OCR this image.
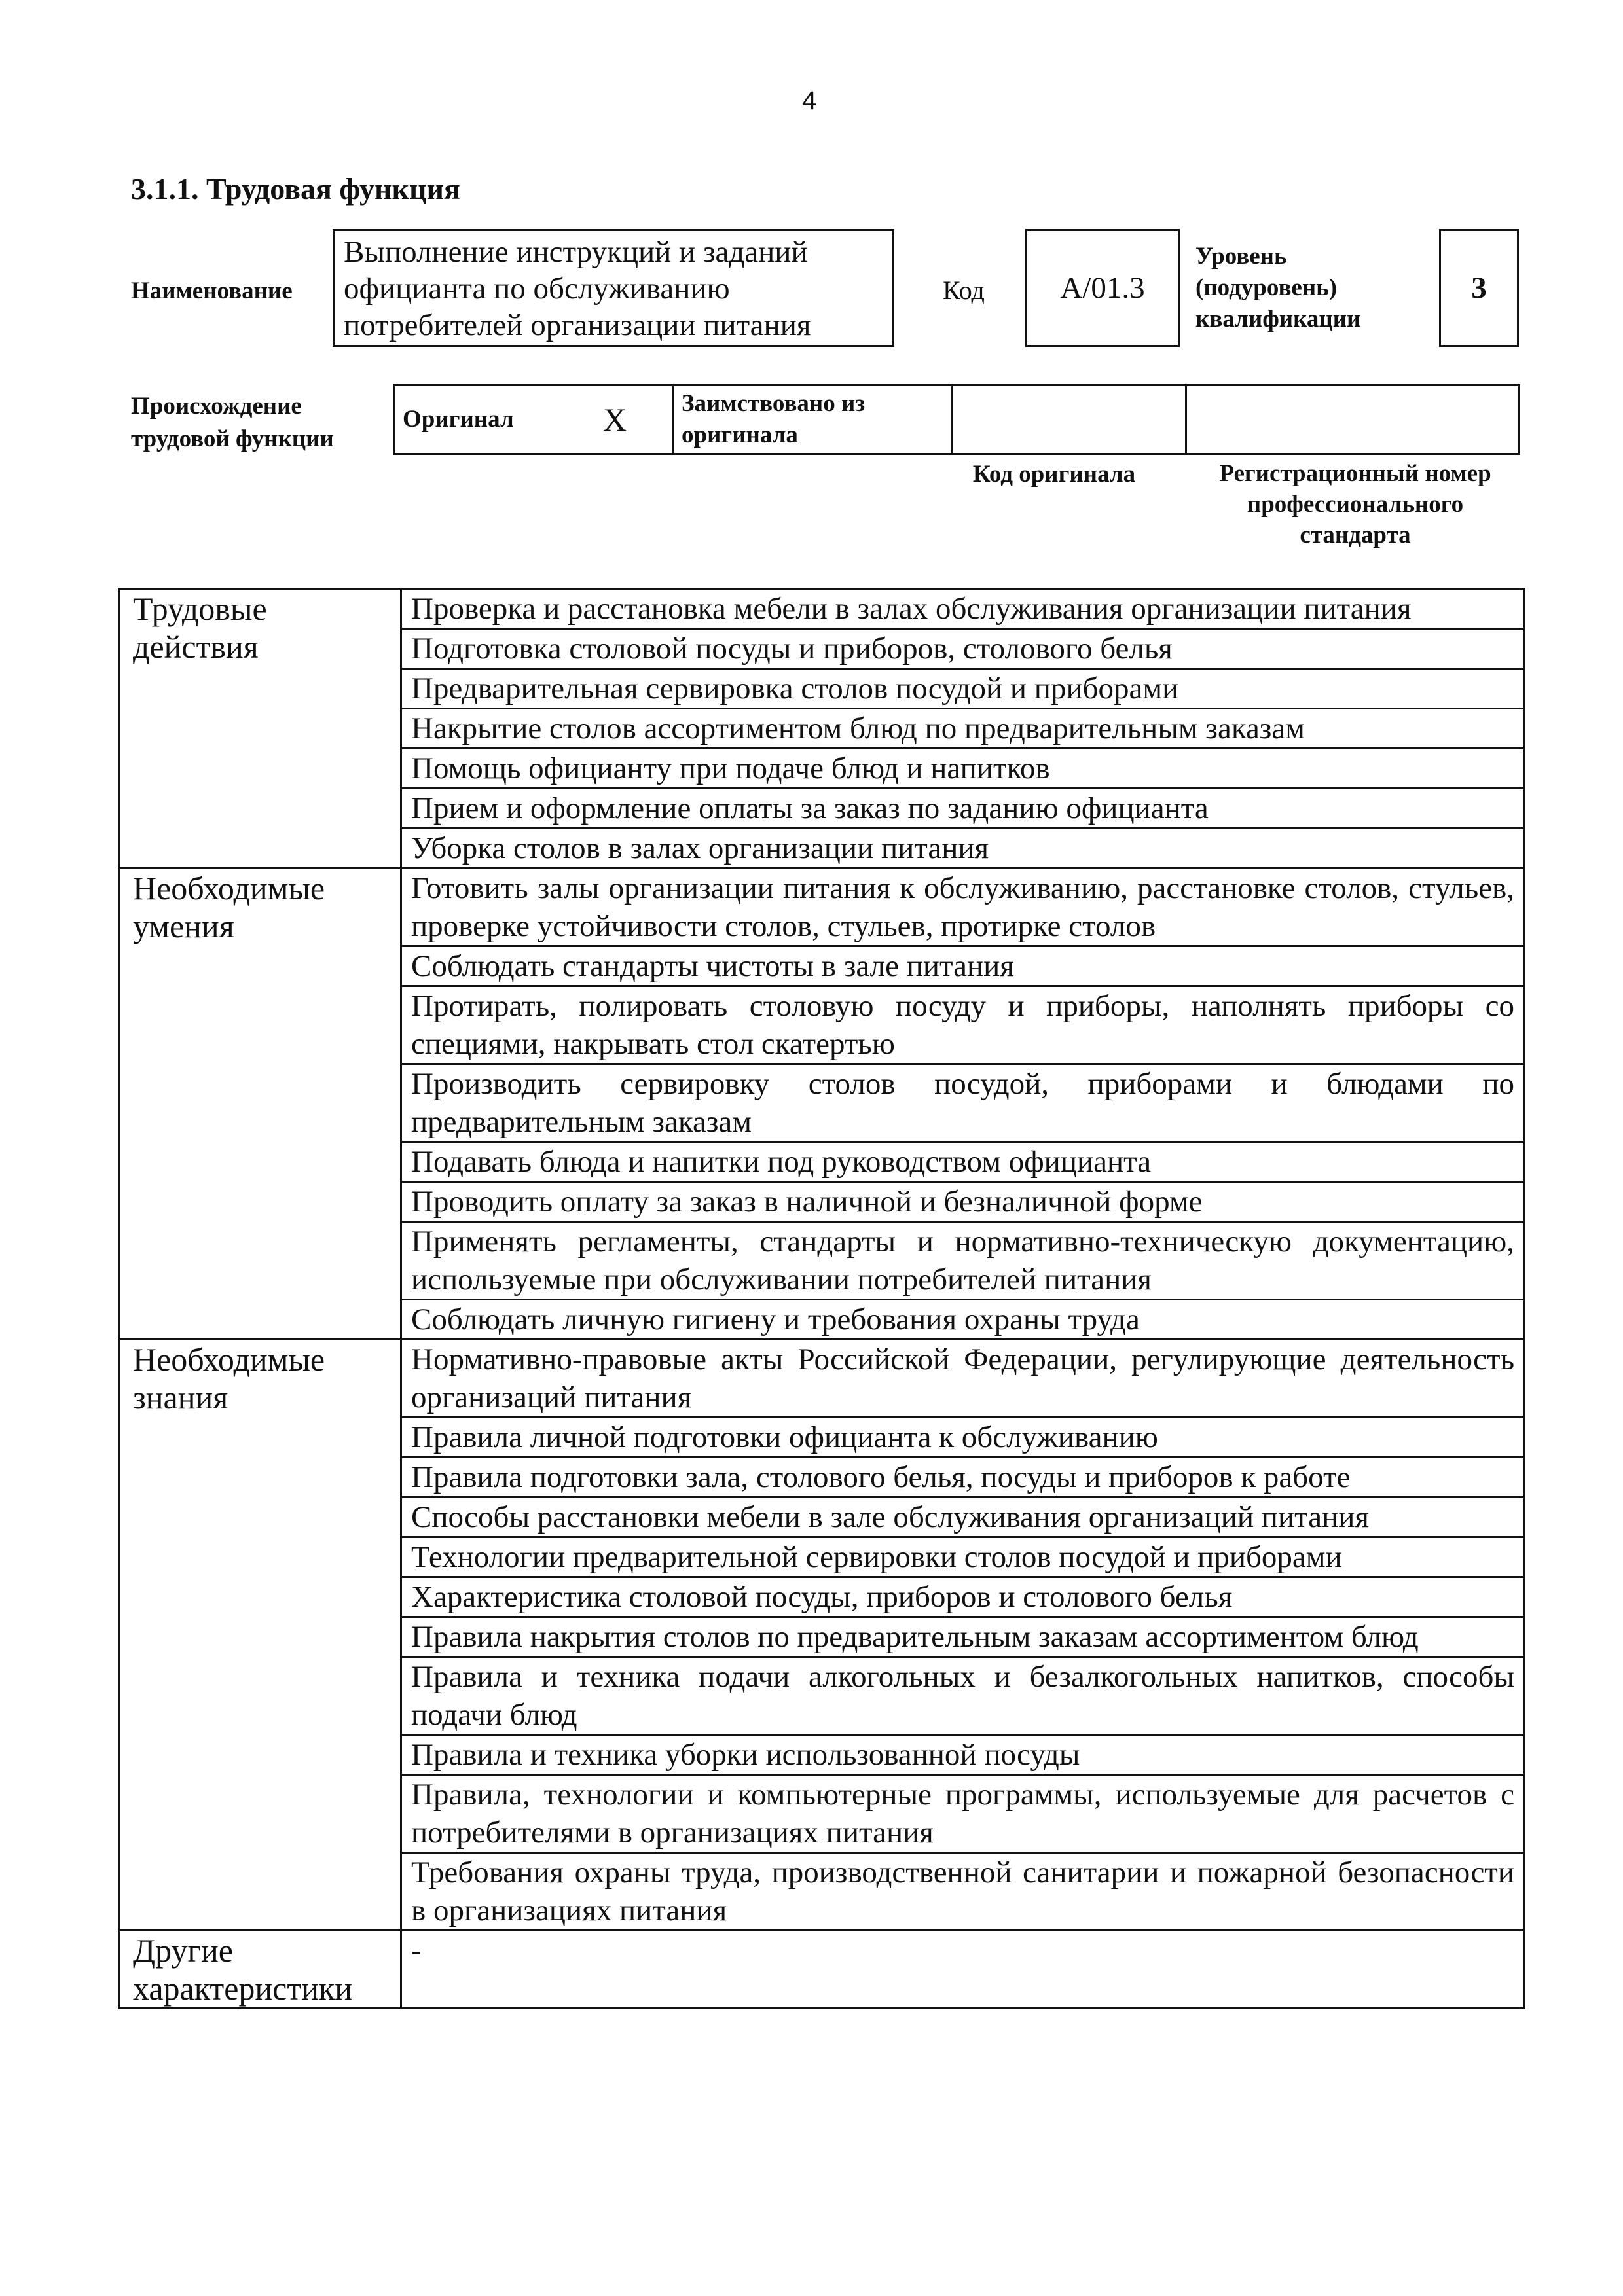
4
3.1.1. Трудовая функция
Наименование
Выполнение инструкций и заданий официанта по обслуживанию потребителей организации питания
Код	A/01.3
Уровень (подуровень) квалификации
3
Происхождение трудовой функции
Оригинал	X	Заимствовано из оригинала		
Код оригинала	Регистрационный номер профессионального стандарта
Трудовые действия	Проверка и расстановка мебели в залах обслуживания организации питания
	Подготовка столовой посуды и приборов, столового белья
	Предварительная сервировка столов посудой и приборами
	Накрытие столов ассортиментом блюд по предварительным заказам
	Помощь официанту при подаче блюд и напитков
	Прием и оформление оплаты за заказ по заданию официанта
	Уборка столов в залах организации питания
Необходимые умения	Готовить залы организации питания к обслуживанию, расстановке столов, стульев, проверке устойчивости столов, стульев, протирке столов
	Соблюдать стандарты чистоты в зале питания
	Протирать, полировать столовую посуду и приборы, наполнять приборы со специями, накрывать стол скатертью
	Производить сервировку столов посудой, приборами и блюдами по предварительным заказам
	Подавать блюда и напитки под руководством официанта
	Проводить оплату за заказ в наличной и безналичной форме
	Применять регламенты, стандарты и нормативно-техническую документацию, используемые при обслуживании потребителей питания
	Соблюдать личную гигиену и требования охраны труда
Необходимые знания	Нормативно-правовые акты Российской Федерации, регулирующие деятельность организаций питания
	Правила личной подготовки официанта к обслуживанию
	Правила подготовки зала, столового белья, посуды и приборов к работе
	Способы расстановки мебели в зале обслуживания организаций питания
	Технологии предварительной сервировки столов посудой и приборами
	Характеристика столовой посуды, приборов и столового белья
	Правила накрытия столов по предварительным заказам ассортиментом блюд
	Правила и техника подачи алкогольных и безалкогольных напитков, способы подачи блюд
	Правила и техника уборки использованной посуды
	Правила, технологии и компьютерные программы, используемые для расчетов с потребителями в организациях питания
	Требования охраны труда, производственной санитарии и пожарной безопасности в организациях питания
Другие характеристики	-
